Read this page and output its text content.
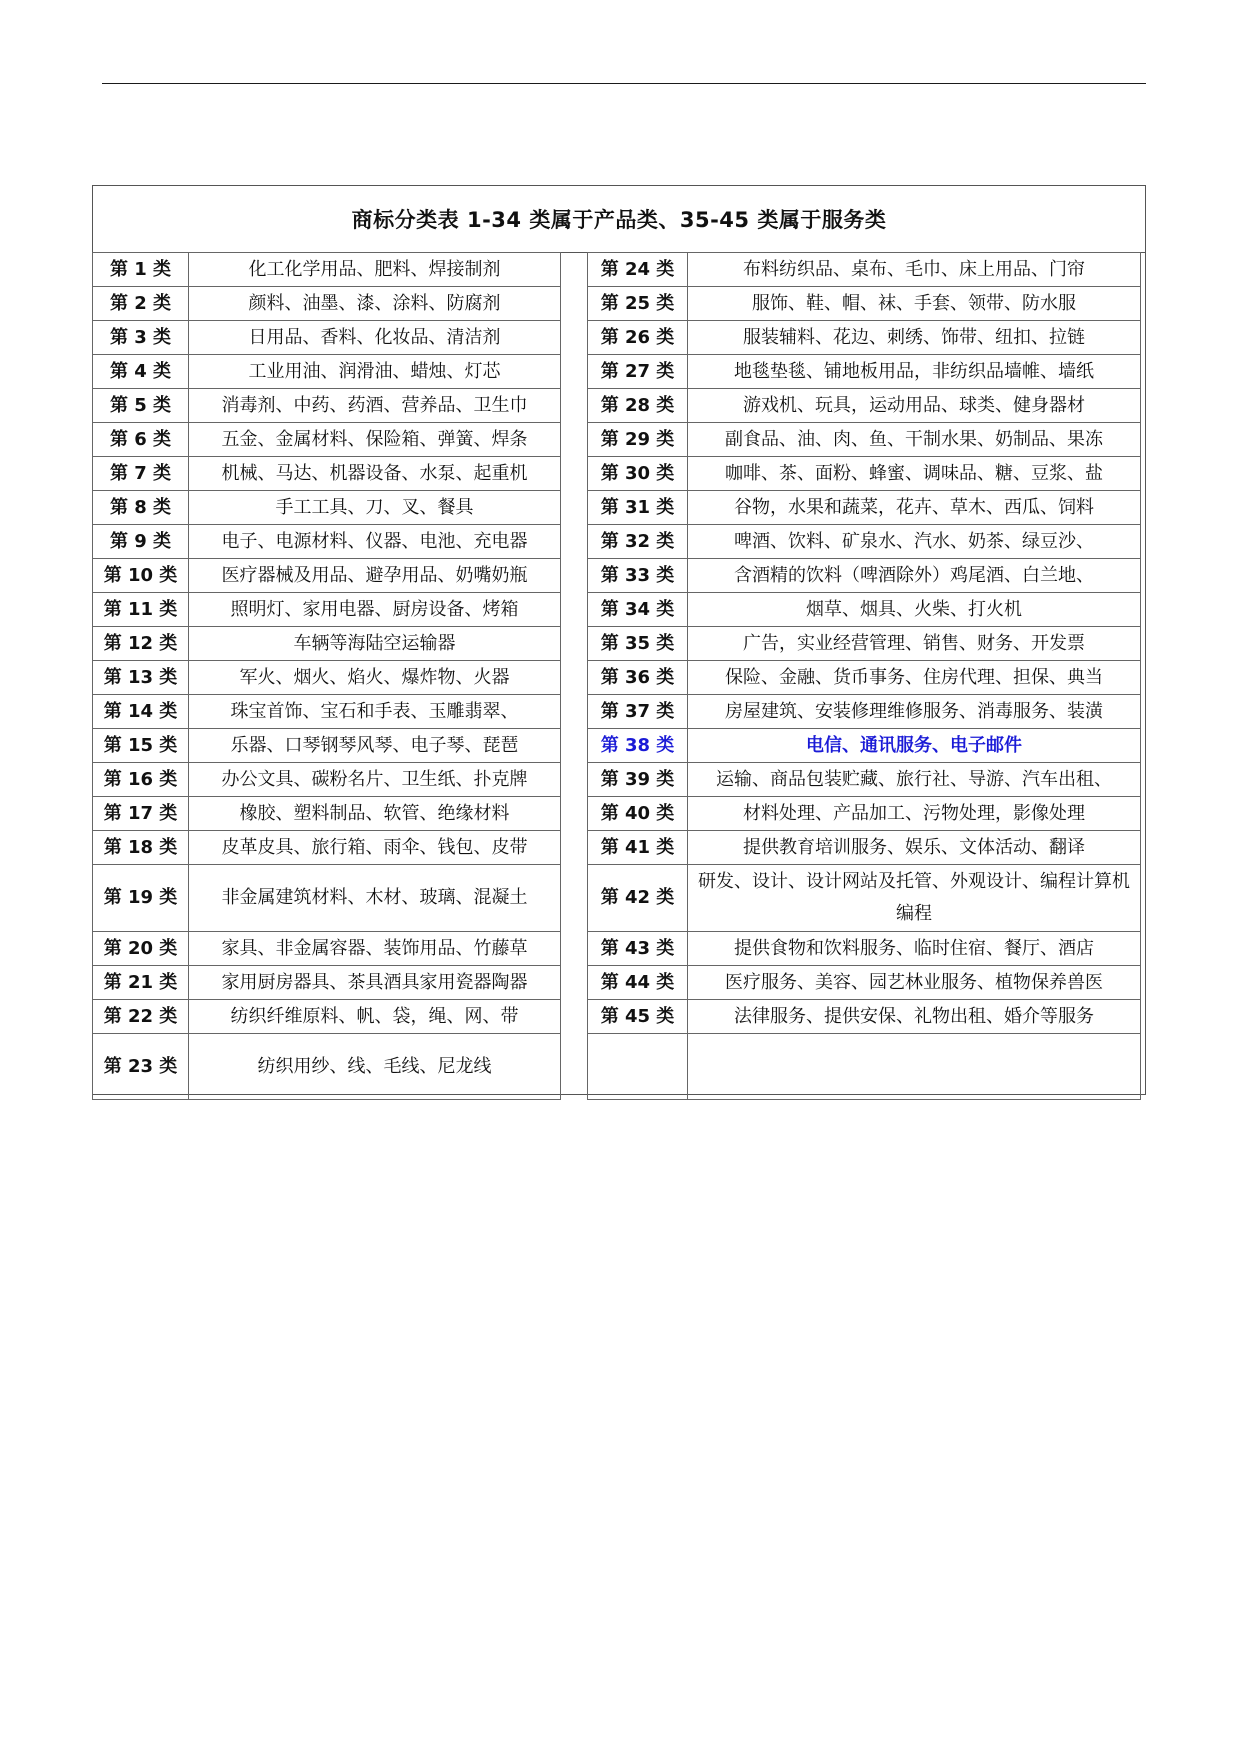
商标分类表 1-34 类属于产品类、35-45 类属于服务类
第 1 类	化工化学用品、肥料、焊接制剂
第 2 类	颜料、油墨、漆、涂料、防腐剂
第 3 类	日用品、香料、化妆品、清洁剂
第 4 类	工业用油、润滑油、蜡烛、灯芯
第 5 类	消毒剂、中药、药酒、营养品、卫生巾
第 6 类	五金、金属材料、保险箱、弹簧、焊条
第 7 类	机械、马达、机器设备、水泵、起重机
第 8 类	手工工具、刀、叉、餐具
第 9 类	电子、电源材料、仪器、电池、充电器
第 10 类	医疗器械及用品、避孕用品、奶嘴奶瓶
第 11 类	照明灯、家用电器、厨房设备、烤箱
第 12 类	车辆等海陆空运输器
第 13 类	军火、烟火、焰火、爆炸物、火器
第 14 类	珠宝首饰、宝石和手表、玉雕翡翠、
第 15 类	乐器、口琴钢琴风琴、电子琴、琵琶
第 16 类	办公文具、碳粉名片、卫生纸、扑克牌
第 17 类	橡胶、塑料制品、软管、绝缘材料
第 18 类	皮革皮具、旅行箱、雨伞、钱包、皮带
第 19 类	非金属建筑材料、木材、玻璃、混凝土
第 20 类	家具、非金属容器、装饰用品、竹藤草
第 21 类	家用厨房器具、茶具酒具家用瓷器陶器
第 22 类	纺织纤维原料、帆、袋，绳、网、带
第 23 类	纺织用纱、线、毛线、尼龙线
第 24 类	布料纺织品、桌布、毛巾、床上用品、门帘
第 25 类	服饰、鞋、帽、袜、手套、领带、防水服
第 26 类	服装辅料、花边、刺绣、饰带、纽扣、拉链
第 27 类	地毯垫毯、铺地板用品，非纺织品墙帷、墙纸
第 28 类	游戏机、玩具，运动用品、球类、健身器材
第 29 类	副食品、油、肉、鱼、干制水果、奶制品、果冻
第 30 类	咖啡、茶、面粉、蜂蜜、调味品、糖、豆浆、盐
第 31 类	谷物，水果和蔬菜，花卉、草木、西瓜、饲料
第 32 类	啤酒、饮料、矿泉水、汽水、奶茶、绿豆沙、
第 33 类	含酒精的饮料（啤酒除外）鸡尾酒、白兰地、
第 34 类	烟草、烟具、火柴、打火机
第 35 类	广告，实业经营管理、销售、财务、开发票
第 36 类	保险、金融、货币事务、住房代理、担保、典当
第 37 类	房屋建筑、安装修理维修服务、消毒服务、装潢
第 38 类	电信、通讯服务、电子邮件
第 39 类	运输、商品包装贮藏、旅行社、导游、汽车出租、
第 40 类	材料处理、产品加工、污物处理，影像处理
第 41 类	提供教育培训服务、娱乐、文体活动、翻译
第 42 类	研发、设计、设计网站及托管、外观设计、编程计算机编程
第 43 类	提供食物和饮料服务、临时住宿、餐厅、酒店
第 44 类	医疗服务、美容、园艺林业服务、植物保养兽医
第 45 类	法律服务、提供安保、礼物出租、婚介等服务
